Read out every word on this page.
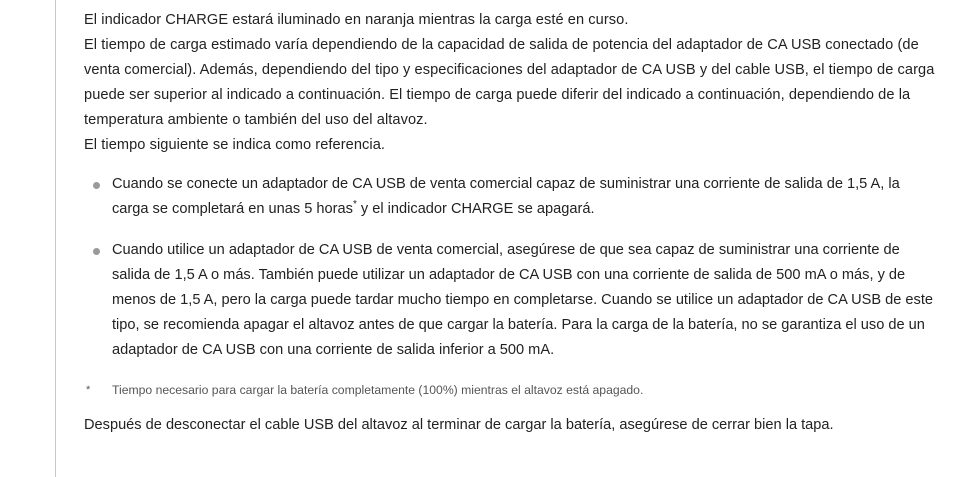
El indicador CHARGE estará iluminado en naranja mientras la carga esté en curso.

El tiempo de carga estimado varía dependiendo de la capacidad de salida de potencia del adaptador de CA USB conectado (de venta comercial). Además, dependiendo del tipo y especificaciones del adaptador de CA USB y del cable USB, el tiempo de carga puede ser superior al indicado a continuación. El tiempo de carga puede diferir del indicado a continuación, dependiendo de la temperatura ambiente o también del uso del altavoz.

El tiempo siguiente se indica como referencia.

Cuando se conecte un adaptador de CA USB de venta comercial capaz de suministrar una corriente de salida de 1,5 A, la carga se completará en unas 5 horas* y el indicador CHARGE se apagará.
Cuando utilice un adaptador de CA USB de venta comercial, asegúrese de que sea capaz de suministrar una corriente de salida de 1,5 A o más. También puede utilizar un adaptador de CA USB con una corriente de salida de 500 mA o más, y de menos de 1,5 A, pero la carga puede tardar mucho tiempo en completarse. Cuando se utilice un adaptador de CA USB de este tipo, se recomienda apagar el altavoz antes de que cargar la batería. Para la carga de la batería, no se garantiza el uso de un adaptador de CA USB con una corriente de salida inferior a 500 mA.
*	Tiempo necesario para cargar la batería completamente (100%) mientras el altavoz está apagado.

Después de desconectar el cable USB del altavoz al terminar de cargar la batería, asegúrese de cerrar bien la tapa.
